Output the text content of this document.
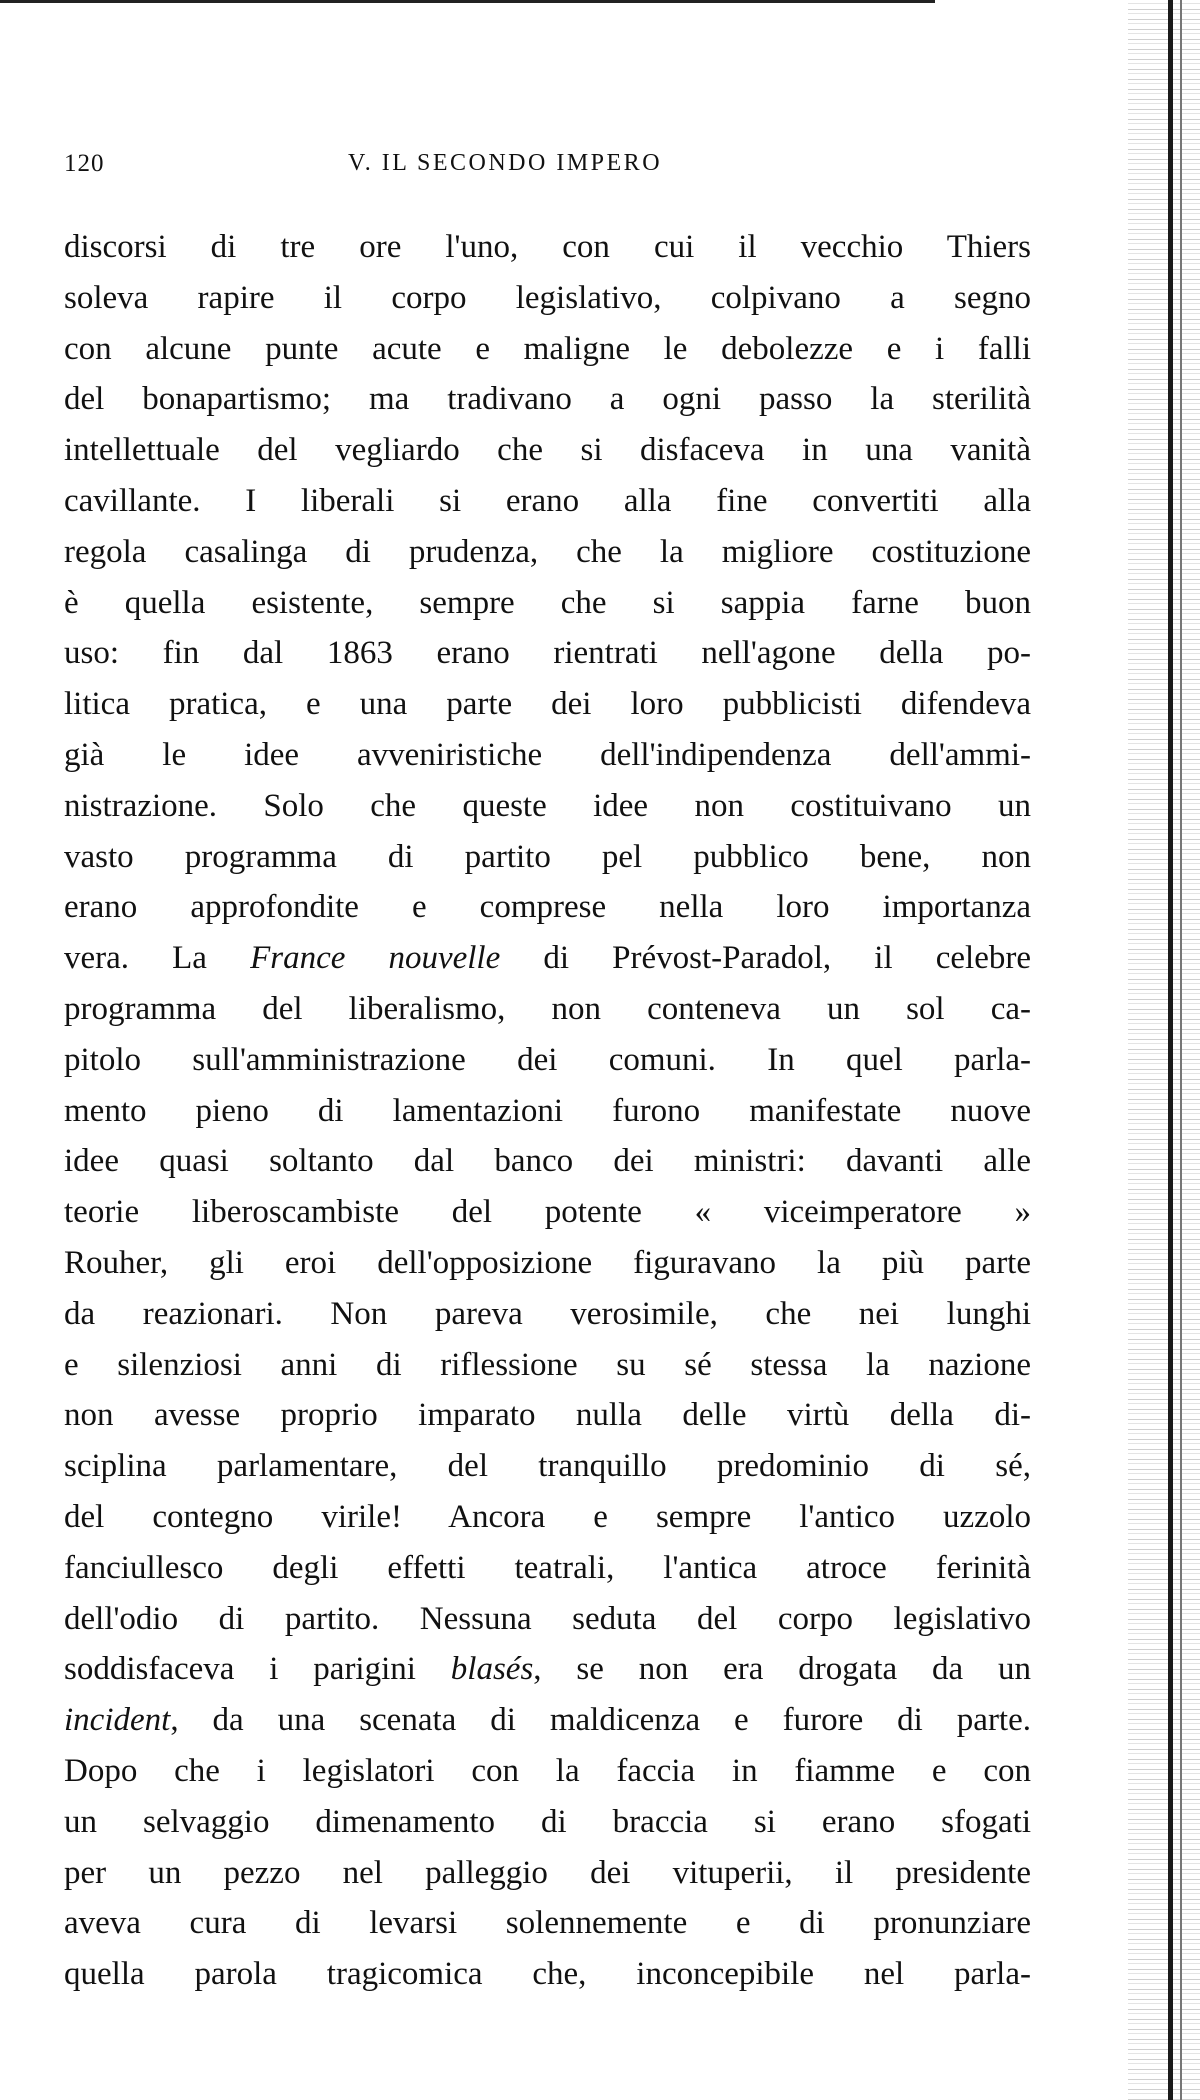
120	V. IL SECONDO IMPERO
discorsi di tre ore l'uno, con cui il vecchio Thiers
soleva rapire il corpo legislativo, colpivano a segno
con alcune punte acute e maligne le debolezze e i falli
del bonapartismo; ma tradivano a ogni passo la sterilità
intellettuale del vegliardo che si disfaceva in una vanità
cavillante. I liberali si erano alla fine convertiti alla
regola casalinga di prudenza, che la migliore costituzione
è quella esistente, sempre che si sappia farne buon
uso: fin dal 1863 erano rientrati nell'agone della po-
litica pratica, e una parte dei loro pubblicisti difendeva
già le idee avveniristiche dell'indipendenza dell'ammi-
nistrazione. Solo che queste idee non costituivano un
vasto programma di partito pel pubblico bene, non
erano approfondite e comprese nella loro importanza
vera. La France nouvelle di Prévost-Paradol, il celebre
programma del liberalismo, non conteneva un sol ca-
pitolo sull'amministrazione dei comuni. In quel parla-
mento pieno di lamentazioni furono manifestate nuove
idee quasi soltanto dal banco dei ministri: davanti alle
teorie liberoscambiste del potente « viceimperatore »
Rouher, gli eroi dell'opposizione figuravano la più parte
da reazionari. Non pareva verosimile, che nei lunghi
e silenziosi anni di riflessione su sé stessa la nazione
non avesse proprio imparato nulla delle virtù della di-
sciplina parlamentare, del tranquillo predominio di sé,
del contegno virile! Ancora e sempre l'antico uzzolo
fanciullesco degli effetti teatrali, l'antica atroce ferinità
dell'odio di partito. Nessuna seduta del corpo legislativo
soddisfaceva i parigini blasés, se non era drogata da un
incident, da una scenata di maldicenza e furore di parte.
Dopo che i legislatori con la faccia in fiamme e con
un selvaggio dimenamento di braccia si erano sfogati
per un pezzo nel palleggio dei vituperii, il presidente
aveva cura di levarsi solennemente e di pronunziare
quella parola tragicomica che, inconcepibile nel parla-
